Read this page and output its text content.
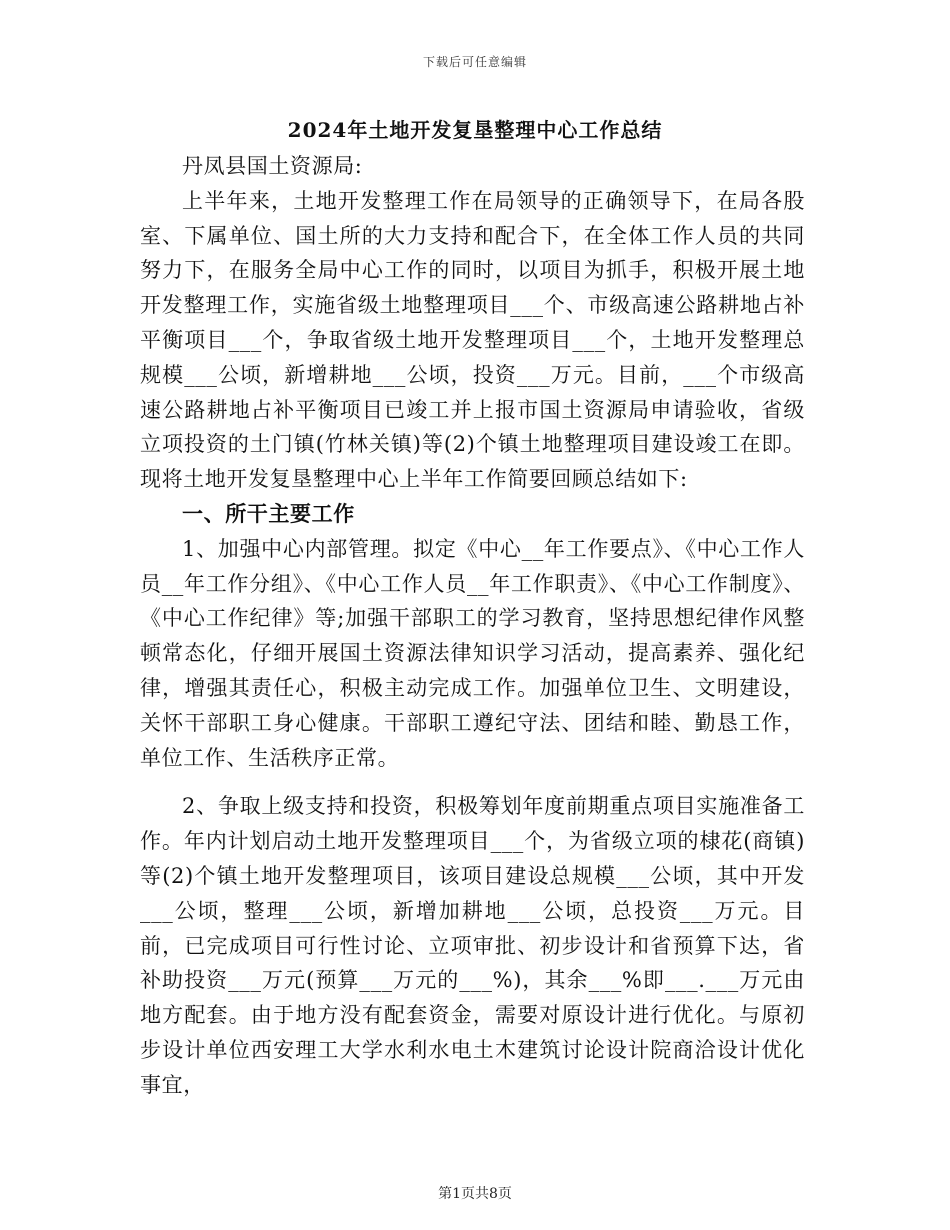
下载后可任意编辑
2024年土地开发复垦整理中心工作总结

丹凤县国土资源局:

上半年来，土地开发整理工作在局领导的正确领导下，在局各股室、下属单位、国土所的大力支持和配合下，在全体工作人员的共同努力下，在服务全局中心工作的同时，以项目为抓手，积极开展土地开发整理工作，实施省级土地整理项目___个、市级高速公路耕地占补平衡项目___个，争取省级土地开发整理项目___个，土地开发整理总规模___公顷，新增耕地___公顷，投资___万元。目前，___个市级高速公路耕地占补平衡项目已竣工并上报市国土资源局申请验收，省级立项投资的土门镇(竹林关镇)等(2)个镇土地整理项目建设竣工在即。现将土地开发复垦整理中心上半年工作简要回顾总结如下:

一、所干主要工作

1、加强中心内部管理。拟定《中心__年工作要点》、《中心工作人员__年工作分组》、《中心工作人员__年工作职责》、《中心工作制度》、《中心工作纪律》等;加强干部职工的学习教育，坚持思想纪律作风整顿常态化，仔细开展国土资源法律知识学习活动，提高素养、强化纪律，增强其责任心，积极主动完成工作。加强单位卫生、文明建设，关怀干部职工身心健康。干部职工遵纪守法、团结和睦、勤恳工作，单位工作、生活秩序正常。

2、争取上级支持和投资，积极筹划年度前期重点项目实施准备工作。年内计划启动土地开发整理项目___个，为省级立项的棣花(商镇)等(2)个镇土地开发整理项目，该项目建设总规模___公顷，其中开发___公顷，整理___公顷，新增加耕地___公顷，总投资___万元。目前，已完成项目可行性讨论、立项审批、初步设计和省预算下达，省补助投资___万元(预算___万元的___%)，其余___%即___.___万元由地方配套。由于地方没有配套资金，需要对原设计进行优化。与原初步设计单位西安理工大学水利水电土木建筑讨论设计院商洽设计优化事宜，

第1页共8页
